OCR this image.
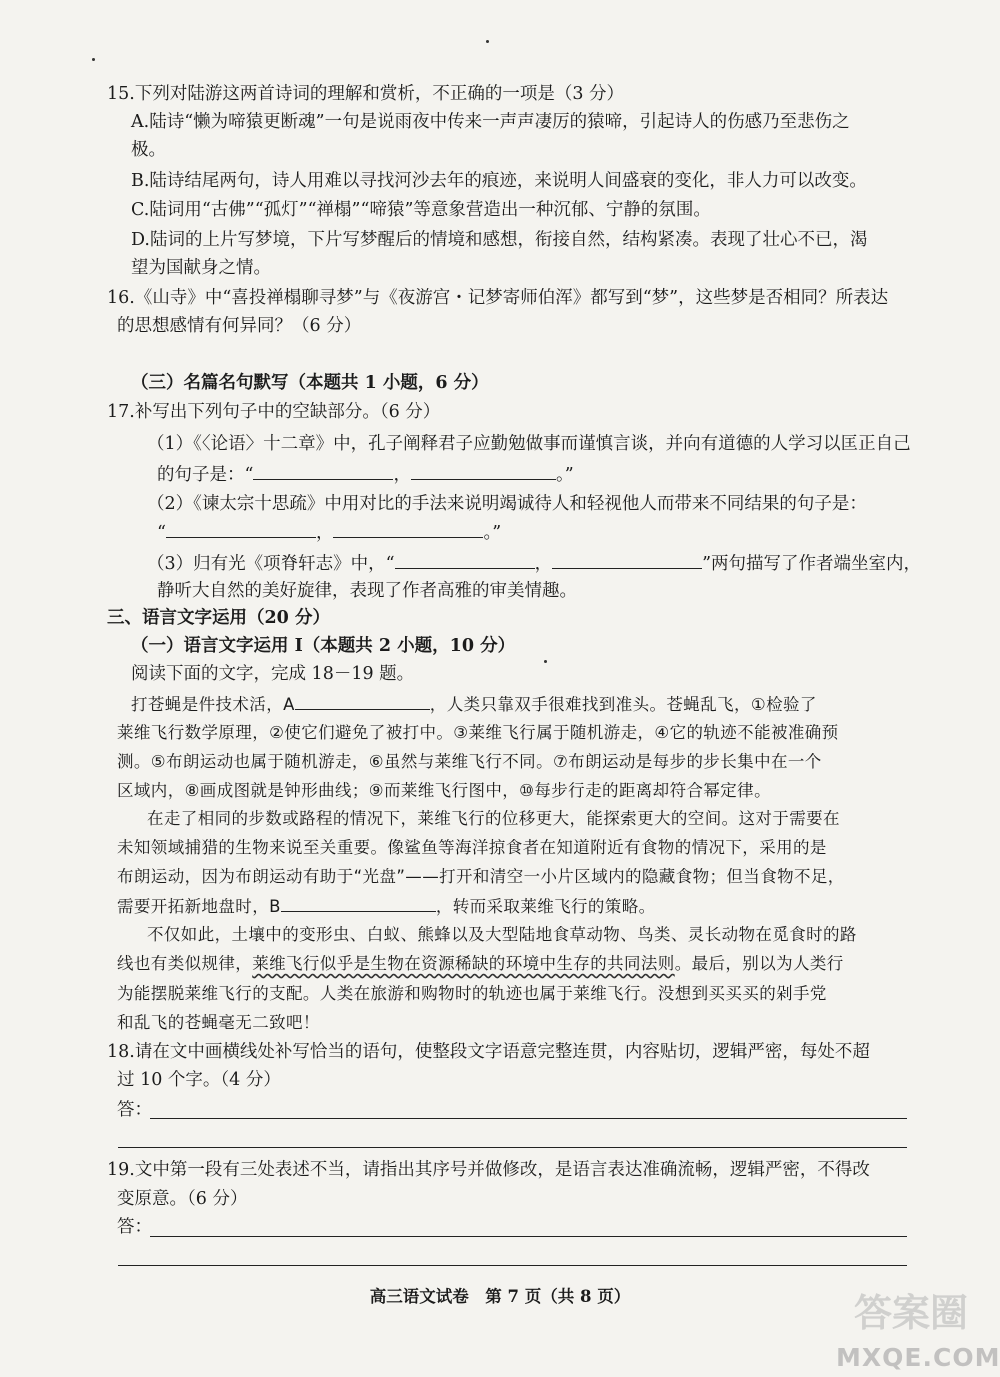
15.下列对陆游这两首诗词的理解和赏析，不正确的一项是（3 分）
A.陆诗“懒为啼猿更断魂”一句是说雨夜中传来一声声凄厉的猿啼，引起诗人的伤感乃至悲伤之
极。
B.陆诗结尾两句，诗人用难以寻找河沙去年的痕迹，来说明人间盛衰的变化，非人力可以改变。
C.陆词用“古佛”“孤灯”“禅榻”“啼猿”等意象营造出一种沉郁、宁静的氛围。
D.陆词的上片写梦境，下片写梦醒后的情境和感想，衔接自然，结构紧凑。表现了壮心不已，渴
望为国献身之情。
16.《山寺》中“喜投禅榻聊寻梦”与《夜游宫・记梦寄师伯浑》都写到“梦”，这些梦是否相同？所表达
的思想感情有何异同？（6 分）
（三）名篇名句默写（本题共 1 小题，6 分）
17.补写出下列句子中的空缺部分。（6 分）
（1）《〈论语〉十二章》中，孔子阐释君子应勤勉做事而谨慎言谈，并向有道德的人学习以匡正自己
的句子是：“	，	。”
（2）《谏太宗十思疏》中用对比的手法来说明竭诚待人和轻视他人而带来不同结果的句子是：
“	，	。”
（3）归有光《项脊轩志》中，“	，	”两句描写了作者端坐室内，
静听大自然的美好旋律，表现了作者高雅的审美情趣。
三、语言文字运用（20 分）
（一）语言文字运用 Ⅰ（本题共 2 小题，10 分）
阅读下面的文字，完成 18－19 题。
打苍蝇是件技术活，A	，人类只靠双手很难找到准头。苍蝇乱飞，①检验了
莱维飞行数学原理，②使它们避免了被打中。③莱维飞行属于随机游走，④它的轨迹不能被准确预
测。⑤布朗运动也属于随机游走，⑥虽然与莱维飞行不同。⑦布朗运动是每步的步长集中在一个
区域内，⑧画成图就是钟形曲线；⑨而莱维飞行图中，⑩每步行走的距离却符合幂定律。
在走了相同的步数或路程的情况下，莱维飞行的位移更大，能探索更大的空间。这对于需要在
未知领域捕猎的生物来说至关重要。像鲨鱼等海洋掠食者在知道附近有食物的情况下，采用的是
布朗运动，因为布朗运动有助于“光盘”——打开和清空一小片区域内的隐藏食物；但当食物不足，
需要开拓新地盘时，B	，转而采取莱维飞行的策略。
不仅如此，土壤中的变形虫、白蚁、熊蜂以及大型陆地食草动物、鸟类、灵长动物在觅食时的路
线也有类似规律，莱维飞行似乎是生物在资源稀缺的环境中生存的共同法则。最后，别以为人类行
为能摆脱莱维飞行的支配。人类在旅游和购物时的轨迹也属于莱维飞行。没想到买买买的剁手党
和乱飞的苍蝇毫无二致吧！
18.请在文中画横线处补写恰当的语句，使整段文字语意完整连贯，内容贴切，逻辑严密，每处不超
过 10 个字。（4 分）
答：
19.文中第一段有三处表述不当，请指出其序号并做修改，是语言表达准确流畅，逻辑严密，不得改
变原意。（6 分）
答：
高三语文试卷　第 7 页（共 8 页）	答案圈
MXQE.COM
